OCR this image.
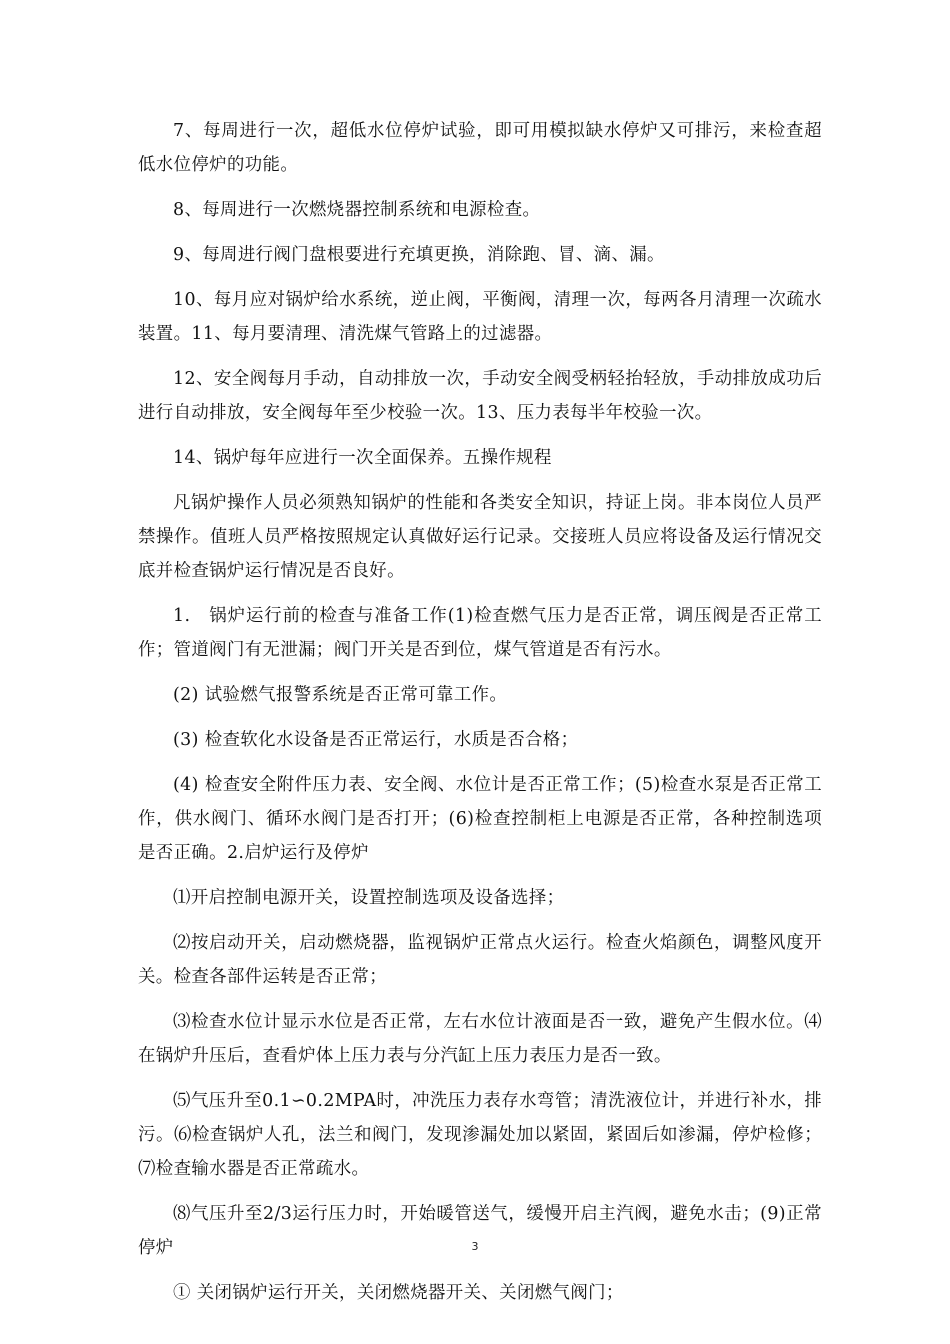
7、每周进行一次，超低水位停炉试验，即可用模拟缺水停炉又可排污，来检查超低水位停炉的功能。

8、每周进行一次燃烧器控制系统和电源检查。

9、每周进行阀门盘根要进行充填更换，消除跑、冒、滴、漏。

10、每月应对锅炉给水系统，逆止阀，平衡阀，清理一次，每两各月清理一次疏水装置。11、每月要清理、清洗煤气管路上的过滤器。

12、安全阀每月手动，自动排放一次，手动安全阀受柄轻抬轻放，手动排放成功后进行自动排放，安全阀每年至少校验一次。13、压力表每半年校验一次。

14、锅炉每年应进行一次全面保养。五操作规程

凡锅炉操作人员必须熟知锅炉的性能和各类安全知识，持证上岗。非本岗位人员严禁操作。值班人员严格按照规定认真做好运行记录。交接班人员应将设备及运行情况交底并检查锅炉运行情况是否良好。

1.　锅炉运行前的检查与准备工作(1)检查燃气压力是否正常，调压阀是否正常工作；管道阀门有无泄漏；阀门开关是否到位，煤气管道是否有污水。

(2) 试验燃气报警系统是否正常可靠工作。

(3) 检查软化水设备是否正常运行，水质是否合格；

(4) 检查安全附件压力表、安全阀、水位计是否正常工作；(5)检查水泵是否正常工作，供水阀门、循环水阀门是否打开；(6)检查控制柜上电源是否正常，各种控制选项是否正确。2.启炉运行及停炉

⑴开启控制电源开关，设置控制选项及设备选择；

⑵按启动开关，启动燃烧器，监视锅炉正常点火运行。检查火焰颜色，调整风度开关。检查各部件运转是否正常；

⑶检查水位计显示水位是否正常，左右水位计液面是否一致，避免产生假水位。⑷在锅炉升压后，查看炉体上压力表与分汽缸上压力表压力是否一致。

⑸气压升至0.1∽0.2MPA时，冲洗压力表存水弯管；清洗液位计，并进行补水，排污。⑹检查锅炉人孔，法兰和阀门，发现渗漏处加以紧固，紧固后如渗漏，停炉检修；⑺检查输水器是否正常疏水。

⑻气压升至2/3运行压力时，开始暖管送气，缓慢开启主汽阀，避免水击；(9)正常停炉

① 关闭锅炉运行开关，关闭燃烧器开关、关闭燃气阀门；

3
